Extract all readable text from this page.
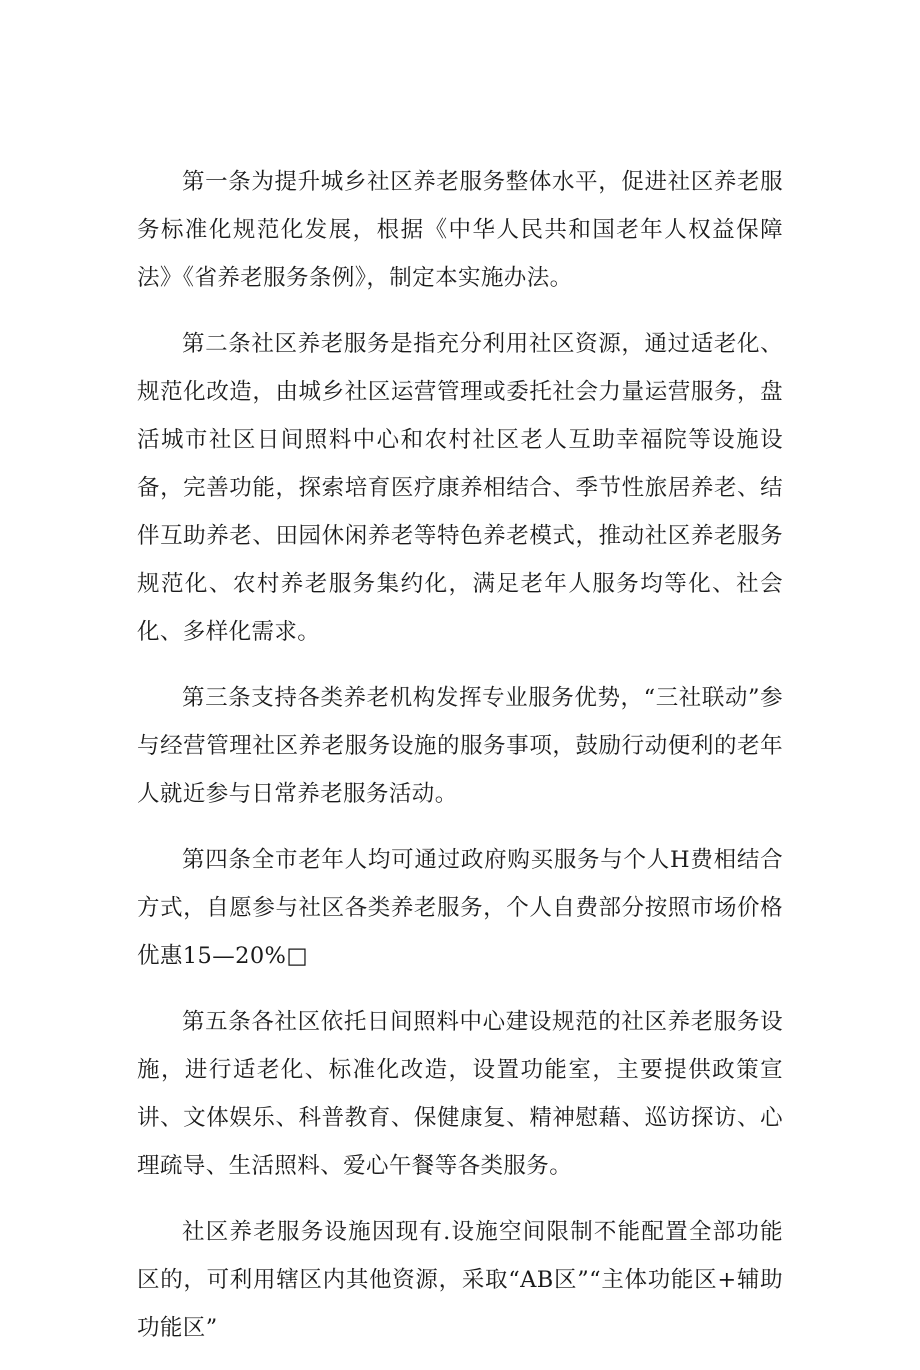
第一条为提升城乡社区养老服务整体水平，促进社区养老服务标准化规范化发展，根据《中华人民共和国老年人权益保障法》《省养老服务条例》，制定本实施办法。

第二条社区养老服务是指充分利用社区资源，通过适老化、规范化改造，由城乡社区运营管理或委托社会力量运营服务，盘活城市社区日间照料中心和农村社区老人互助幸福院等设施设备，完善功能，探索培育医疗康养相结合、季节性旅居养老、结伴互助养老、田园休闲养老等特色养老模式，推动社区养老服务规范化、农村养老服务集约化，满足老年人服务均等化、社会化、多样化需求。

第三条支持各类养老机构发挥专业服务优势，“三社联动”参与经营管理社区养老服务设施的服务事项，鼓励行动便利的老年人就近参与日常养老服务活动。

第四条全市老年人均可通过政府购买服务与个人H费相结合方式，自愿参与社区各类养老服务，个人自费部分按照市场价格优惠15—20%□

第五条各社区依托日间照料中心建设规范的社区养老服务设施，进行适老化、标准化改造，设置功能室，主要提供政策宣讲、文体娱乐、科普教育、保健康复、精神慰藉、巡访探访、心理疏导、生活照料、爱心午餐等各类服务。

社区养老服务设施因现有.设施空间限制不能配置全部功能区的，可利用辖区内其他资源，采取“AB区”“主体功能区+辅助功能区”
